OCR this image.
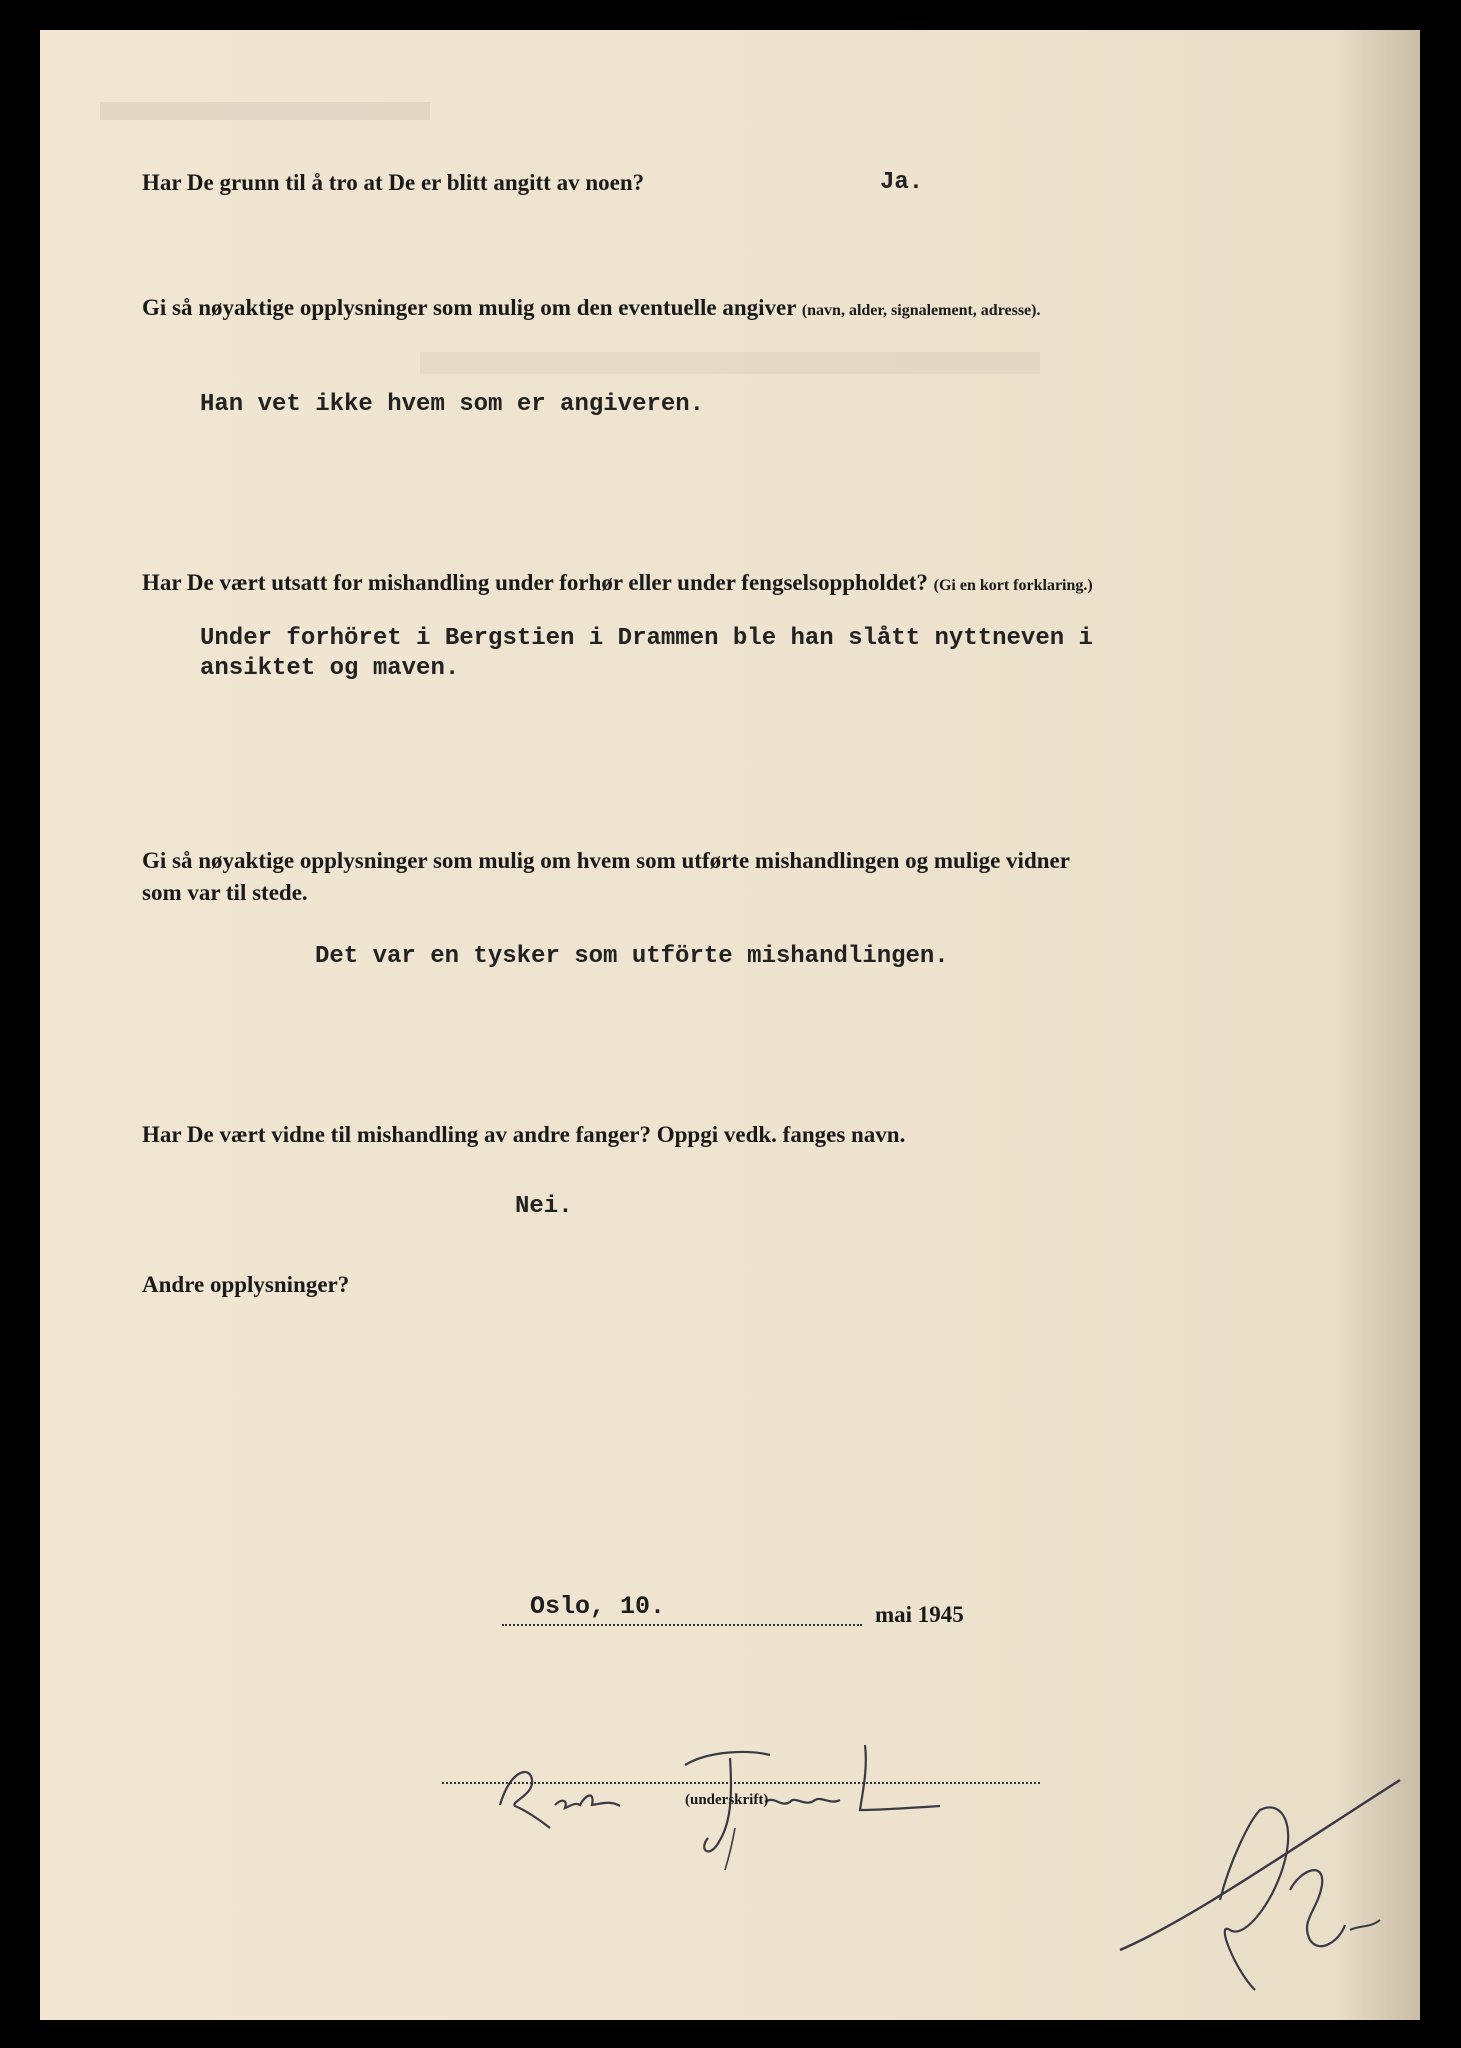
Har De grunn til å tro at De er blitt angitt av noen?	Ja.
Gi så nøyaktige opplysninger som mulig om den eventuelle angiver (navn, alder, signalement, adresse).
Han vet ikke hvem som er angiveren.
Har De vært utsatt for mishandling under forhør eller under fengselsoppholdet? (Gi en kort forklaring.)
Under forhöret i Bergstien i Drammen ble han slått nyttneven i
ansiktet og maven.
Gi så nøyaktige opplysninger som mulig om hvem som utførte mishandlingen og mulige vidner
som var til stede.
Det var en tysker som utförte mishandlingen.
Har De vært vidne til mishandling av andre fanger? Oppgi vedk. fanges navn.
Nei.
Andre opplysninger?
Oslo, 10.	mai 1945
(underskrift)
